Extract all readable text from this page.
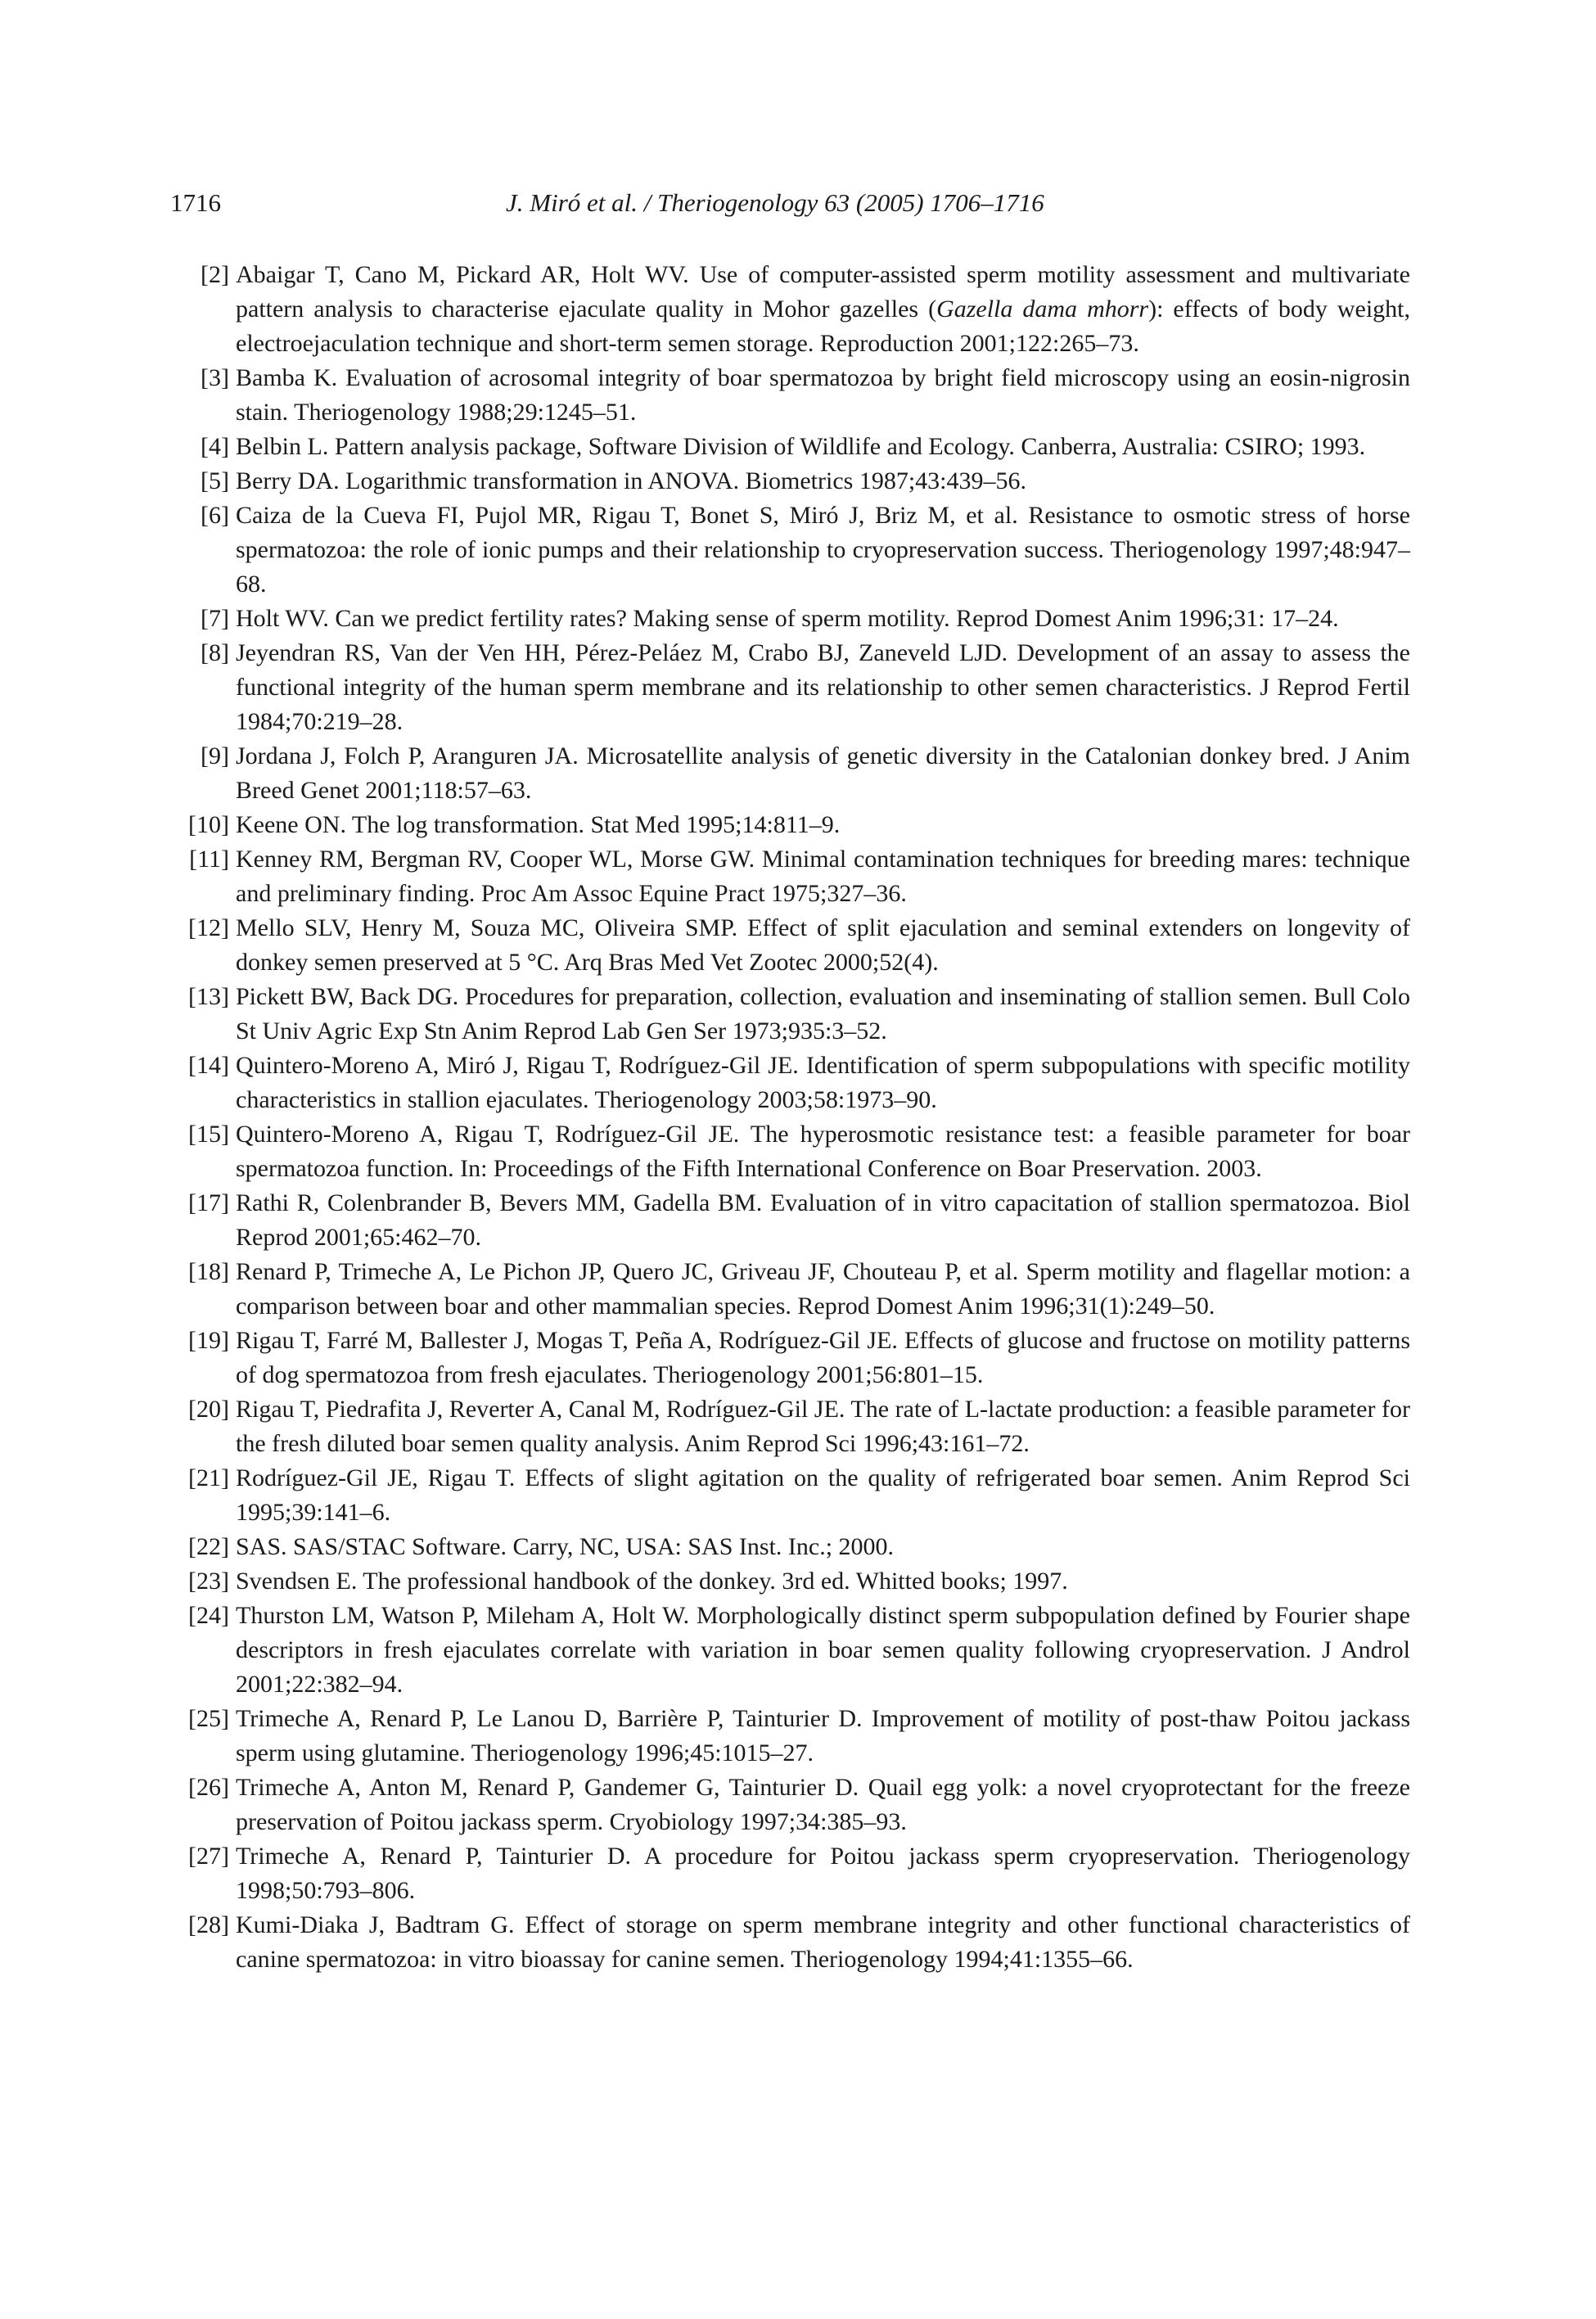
1716	J. Miró et al. / Theriogenology 63 (2005) 1706–1716
[2] Abaigar T, Cano M, Pickard AR, Holt WV. Use of computer-assisted sperm motility assessment and multivariate pattern analysis to characterise ejaculate quality in Mohor gazelles (Gazella dama mhorr): effects of body weight, electroejaculation technique and short-term semen storage. Reproduction 2001;122:265–73.
[3] Bamba K. Evaluation of acrosomal integrity of boar spermatozoa by bright field microscopy using an eosin-nigrosin stain. Theriogenology 1988;29:1245–51.
[4] Belbin L. Pattern analysis package, Software Division of Wildlife and Ecology. Canberra, Australia: CSIRO; 1993.
[5] Berry DA. Logarithmic transformation in ANOVA. Biometrics 1987;43:439–56.
[6] Caiza de la Cueva FI, Pujol MR, Rigau T, Bonet S, Miró J, Briz M, et al. Resistance to osmotic stress of horse spermatozoa: the role of ionic pumps and their relationship to cryopreservation success. Theriogenology 1997;48:947–68.
[7] Holt WV. Can we predict fertility rates? Making sense of sperm motility. Reprod Domest Anim 1996;31: 17–24.
[8] Jeyendran RS, Van der Ven HH, Pérez-Peláez M, Crabo BJ, Zaneveld LJD. Development of an assay to assess the functional integrity of the human sperm membrane and its relationship to other semen characteristics. J Reprod Fertil 1984;70:219–28.
[9] Jordana J, Folch P, Aranguren JA. Microsatellite analysis of genetic diversity in the Catalonian donkey bred. J Anim Breed Genet 2001;118:57–63.
[10] Keene ON. The log transformation. Stat Med 1995;14:811–9.
[11] Kenney RM, Bergman RV, Cooper WL, Morse GW. Minimal contamination techniques for breeding mares: technique and preliminary finding. Proc Am Assoc Equine Pract 1975;327–36.
[12] Mello SLV, Henry M, Souza MC, Oliveira SMP. Effect of split ejaculation and seminal extenders on longevity of donkey semen preserved at 5 °C. Arq Bras Med Vet Zootec 2000;52(4).
[13] Pickett BW, Back DG. Procedures for preparation, collection, evaluation and inseminating of stallion semen. Bull Colo St Univ Agric Exp Stn Anim Reprod Lab Gen Ser 1973;935:3–52.
[14] Quintero-Moreno A, Miró J, Rigau T, Rodríguez-Gil JE. Identification of sperm subpopulations with specific motility characteristics in stallion ejaculates. Theriogenology 2003;58:1973–90.
[15] Quintero-Moreno A, Rigau T, Rodríguez-Gil JE. The hyperosmotic resistance test: a feasible parameter for boar spermatozoa function. In: Proceedings of the Fifth International Conference on Boar Preservation. 2003.
[17] Rathi R, Colenbrander B, Bevers MM, Gadella BM. Evaluation of in vitro capacitation of stallion spermatozoa. Biol Reprod 2001;65:462–70.
[18] Renard P, Trimeche A, Le Pichon JP, Quero JC, Griveau JF, Chouteau P, et al. Sperm motility and flagellar motion: a comparison between boar and other mammalian species. Reprod Domest Anim 1996;31(1):249–50.
[19] Rigau T, Farré M, Ballester J, Mogas T, Peña A, Rodríguez-Gil JE. Effects of glucose and fructose on motility patterns of dog spermatozoa from fresh ejaculates. Theriogenology 2001;56:801–15.
[20] Rigau T, Piedrafita J, Reverter A, Canal M, Rodríguez-Gil JE. The rate of L-lactate production: a feasible parameter for the fresh diluted boar semen quality analysis. Anim Reprod Sci 1996;43:161–72.
[21] Rodríguez-Gil JE, Rigau T. Effects of slight agitation on the quality of refrigerated boar semen. Anim Reprod Sci 1995;39:141–6.
[22] SAS. SAS/STAC Software. Carry, NC, USA: SAS Inst. Inc.; 2000.
[23] Svendsen E. The professional handbook of the donkey. 3rd ed. Whitted books; 1997.
[24] Thurston LM, Watson P, Mileham A, Holt W. Morphologically distinct sperm subpopulation defined by Fourier shape descriptors in fresh ejaculates correlate with variation in boar semen quality following cryopreservation. J Androl 2001;22:382–94.
[25] Trimeche A, Renard P, Le Lanou D, Barrière P, Tainturier D. Improvement of motility of post-thaw Poitou jackass sperm using glutamine. Theriogenology 1996;45:1015–27.
[26] Trimeche A, Anton M, Renard P, Gandemer G, Tainturier D. Quail egg yolk: a novel cryoprotectant for the freeze preservation of Poitou jackass sperm. Cryobiology 1997;34:385–93.
[27] Trimeche A, Renard P, Tainturier D. A procedure for Poitou jackass sperm cryopreservation. Theriogenology 1998;50:793–806.
[28] Kumi-Diaka J, Badtram G. Effect of storage on sperm membrane integrity and other functional characteristics of canine spermatozoa: in vitro bioassay for canine semen. Theriogenology 1994;41:1355–66.
